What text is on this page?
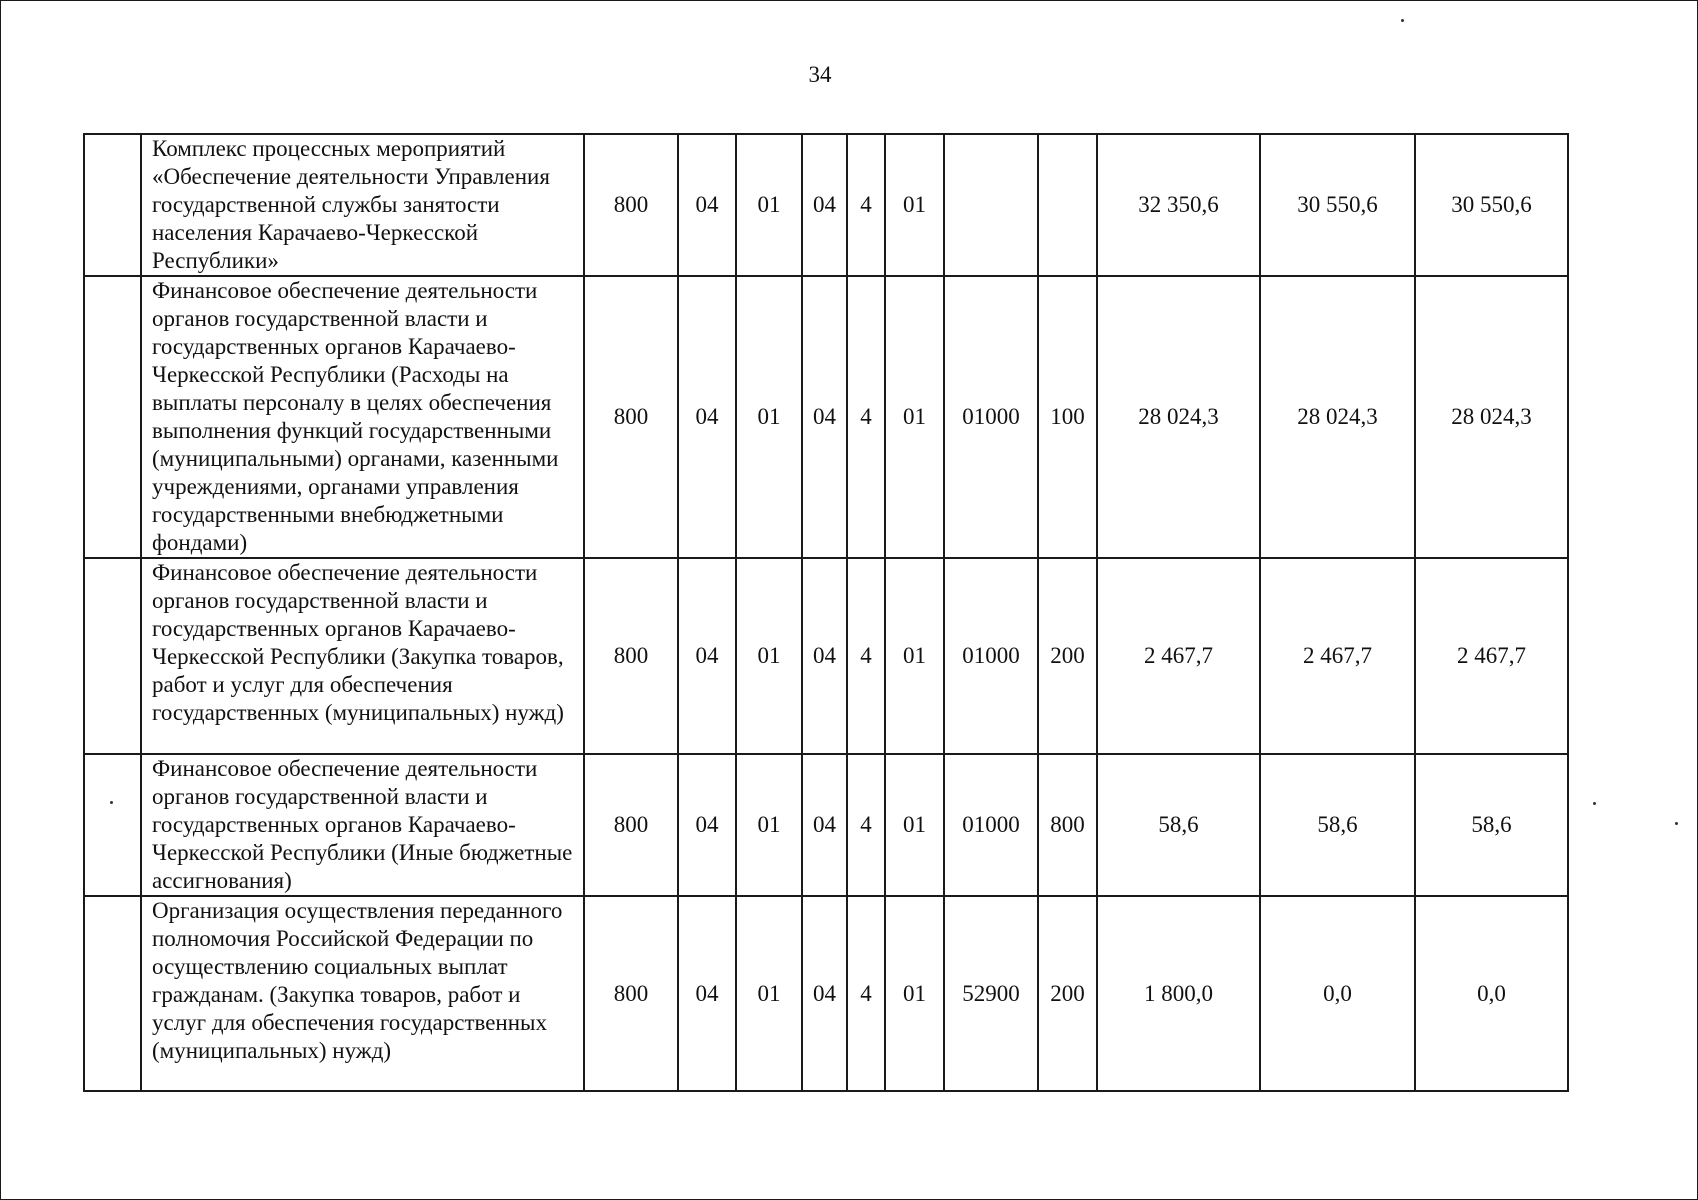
34
	Комплекс процессных мероприятий «Обеспечение деятельности Управления государственной службы занятости населения Карачаево-Черкесской Республики»	800	04	01	04	4	01			32 350,6	30 550,6	30 550,6
	Финансовое обеспечение деятельности органов государственной власти и государственных органов Карачаево-Черкесской Республики (Расходы на выплаты персоналу в целях обеспечения выполнения функций государственными (муниципальными) органами, казенными учреждениями, органами управления государственными внебюджетными фондами)	800	04	01	04	4	01	01000	100	28 024,3	28 024,3	28 024,3
	Финансовое обеспечение деятельности органов государственной власти и государственных органов Карачаево-Черкесской Республики (Закупка товаров, работ и услуг для обеспечения государственных (муниципальных) нужд)	800	04	01	04	4	01	01000	200	2 467,7	2 467,7	2 467,7
	Финансовое обеспечение деятельности органов государственной власти и государственных органов Карачаево-Черкесской Республики (Иные бюджетные ассигнования)	800	04	01	04	4	01	01000	800	58,6	58,6	58,6
	Организация осуществления переданного полномочия Российской Федерации по осуществлению социальных выплат гражданам. (Закупка товаров, работ и услуг для обеспечения государственных (муниципальных) нужд)	800	04	01	04	4	01	52900	200	1 800,0	0,0	0,0
